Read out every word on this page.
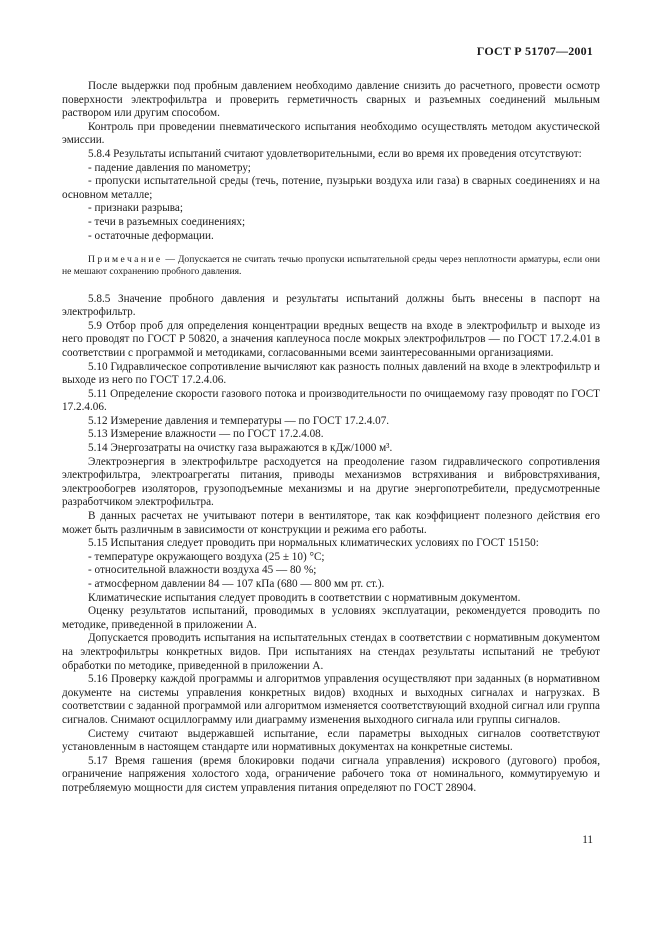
ГОСТ Р 51707—2001

После выдержки под пробным давлением необходимо давление снизить до расчетного, провести осмотр поверхности электрофильтра и проверить герметичность сварных и разъемных соединений мыльным раствором или другим способом.

Контроль при проведении пневматического испытания необходимо осуществлять методом акустической эмиссии.

5.8.4 Результаты испытаний считают удовлетворительными, если во время их проведения отсутствуют:

- падение давления по манометру;

- пропуски испытательной среды (течь, потение, пузырьки воздуха или газа) в сварных соединениях и на основном металле;

- признаки разрыва;

- течи в разъемных соединениях;

- остаточные деформации.

Примечание — Допускается не считать течью пропуски испытательной среды через неплотности арматуры, если они не мешают сохранению пробного давления.

5.8.5 Значение пробного давления и результаты испытаний должны быть внесены в паспорт на электрофильтр.

5.9 Отбор проб для определения концентрации вредных веществ на входе в электрофильтр и выходе из него проводят по ГОСТ Р 50820, а значения каплеуноса после мокрых электрофильтров — по ГОСТ 17.2.4.01 в соответствии с программой и методиками, согласованными всеми заинтересованными организациями.

5.10 Гидравлическое сопротивление вычисляют как разность полных давлений на входе в электрофильтр и выходе из него по ГОСТ 17.2.4.06.

5.11 Определение скорости газового потока и производительности по очищаемому газу проводят по ГОСТ 17.2.4.06.

5.12 Измерение давления и температуры — по ГОСТ 17.2.4.07.

5.13 Измерение влажности — по ГОСТ 17.2.4.08.

5.14 Энергозатраты на очистку газа выражаются в кДж/1000 м³.

Электроэнергия в электрофильтре расходуется на преодоление газом гидравлического сопротивления электрофильтра, электроагрегаты питания, приводы механизмов встряхивания и вибровстряхивания, электрообогрев изоляторов, грузоподъемные механизмы и на другие энергопотребители, предусмотренные разработчиком электрофильтра.

В данных расчетах не учитывают потери в вентиляторе, так как коэффициент полезного действия его может быть различным в зависимости от конструкции и режима его работы.

5.15 Испытания следует проводить при нормальных климатических условиях по ГОСТ 15150:

- температуре окружающего воздуха (25 ± 10) °С;

- относительной влажности воздуха 45 — 80 %;

- атмосферном давлении 84 — 107 кПа (680 — 800 мм рт. ст.).

Климатические испытания следует проводить в соответствии с нормативным документом.

Оценку результатов испытаний, проводимых в условиях эксплуатации, рекомендуется проводить по методике, приведенной в приложении А.

Допускается проводить испытания на испытательных стендах в соответствии с нормативным документом на электрофильтры конкретных видов. При испытаниях на стендах результаты испытаний не требуют обработки по методике, приведенной в приложении А.

5.16 Проверку каждой программы и алгоритмов управления осуществляют при заданных (в нормативном документе на системы управления конкретных видов) входных и выходных сигналах и нагрузках. В соответствии с заданной программой или алгоритмом изменяется соответствующий входной сигнал или группа сигналов. Снимают осциллограмму или диаграмму изменения выходного сигнала или группы сигналов.

Систему считают выдержавшей испытание, если параметры выходных сигналов соответствуют установленным в настоящем стандарте или нормативных документах на конкретные системы.

5.17 Время гашения (время блокировки подачи сигнала управления) искрового (дугового) пробоя, ограничение напряжения холостого хода, ограничение рабочего тока от номинального, коммутируемую и потребляемую мощности для систем управления питания определяют по ГОСТ 28904.

11
